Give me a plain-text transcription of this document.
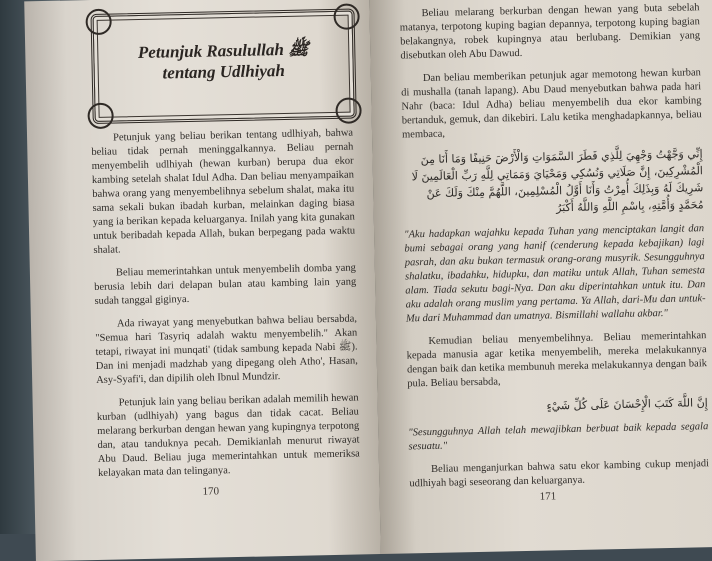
Petunjuk Rasulullah ﷺ
tentang Udlhiyah

Petunjuk yang beliau berikan tentang udlhiyah, bahwa beliau tidak pernah meninggalkannya. Beliau pernah menyembelih udlhiyah (hewan kurban) berupa dua ekor kambing setelah shalat Idul Adha. Dan beliau menyampaikan bahwa orang yang menyembelihnya sebelum shalat, maka itu sama sekali bukan ibadah kurban, melainkan daging biasa yang ia berikan kepada keluarganya. Inilah yang kita gunakan untuk beribadah kepada Allah, bukan berpegang pada waktu shalat.

Beliau memerintahkan untuk menyembelih domba yang berusia lebih dari delapan bulan atau kambing lain yang sudah tanggal giginya.

Ada riwayat yang menyebutkan bahwa beliau bersabda, "Semua hari Tasyriq adalah waktu menyembelih." Akan tetapi, riwayat ini munqati' (tidak sambung kepada Nabi ﷺ). Dan ini menjadi madzhab yang dipegang oleh Atho', Hasan, Asy-Syafi'i, dan dipilih oleh Ibnul Mundzir.

Petunjuk lain yang beliau berikan adalah memilih hewan kurban (udlhiyah) yang bagus dan tidak cacat. Beliau melarang berkurban dengan hewan yang kupingnya terpotong dan, atau tanduknya pecah. Demikianlah menurut riwayat Abu Daud. Beliau juga memerintahkan untuk memeriksa kelayakan mata dan telinganya.

170

Beliau melarang berkurban dengan hewan yang buta sebelah matanya, terpotong kuping bagian depannya, terpotong kuping bagian belakangnya, robek kupingnya atau berlubang. Demikian yang disebutkan oleh Abu Dawud.

Dan beliau memberikan petunjuk agar memotong hewan kurban di mushalla (tanah lapang). Abu Daud menyebutkan bahwa pada hari Nahr (baca: Idul Adha) beliau menyembelih dua ekor kambing bertanduk, gemuk, dan dikebiri. Lalu ketika menghadapkannya, beliau membaca,

إِنِّي وَجَّهْتُ وَجْهِيَ لِلَّذِي فَطَرَ السَّمَوَاتِ وَالْأَرْضَ حَنِيفًا وَمَا أَنَا مِنَ الْمُشْرِكِينَ، إِنَّ صَلَاتِي وَنُسُكِي وَمَحْيَايَ وَمَمَاتِي لِلَّهِ رَبِّ الْعَالَمِينَ لَا شَرِيكَ لَهُ وَبِذَلِكَ أُمِرْتُ وَأَنَا أَوَّلُ الْمُسْلِمِينَ، اللَّهُمَّ مِنْكَ وَلَكَ عَنْ مُحَمَّدٍ وَأُمَّتِهِ، بِاسْمِ اللَّهِ وَاللَّهُ أَكْبَرُ

"Aku hadapkan wajahku kepada Tuhan yang menciptakan langit dan bumi sebagai orang yang hanif (cenderung kepada kebajikan) lagi pasrah, dan aku bukan termasuk orang-orang musyrik. Sesungguhnya shalatku, ibadahku, hidupku, dan matiku untuk Allah, Tuhan semesta alam. Tiada sekutu bagi-Nya. Dan aku diperintahkan untuk itu. Dan aku adalah orang muslim yang pertama. Ya Allah, dari-Mu dan untuk-Mu dari Muhammad dan umatnya. Bismillahi wallahu akbar."

Kemudian beliau menyembelihnya. Beliau memerintahkan kepada manusia agar ketika menyembelih, mereka melakukannya dengan baik dan ketika membunuh mereka melakukannya dengan baik pula. Beliau bersabda,

إِنَّ اللَّهَ كَتَبَ الْإِحْسَانَ عَلَى كُلِّ شَيْءٍ

"Sesungguhnya Allah telah mewajibkan berbuat baik kepada segala sesuatu."

Beliau menganjurkan bahwa satu ekor kambing cukup menjadi udlhiyah bagi seseorang dan keluarganya.

171
